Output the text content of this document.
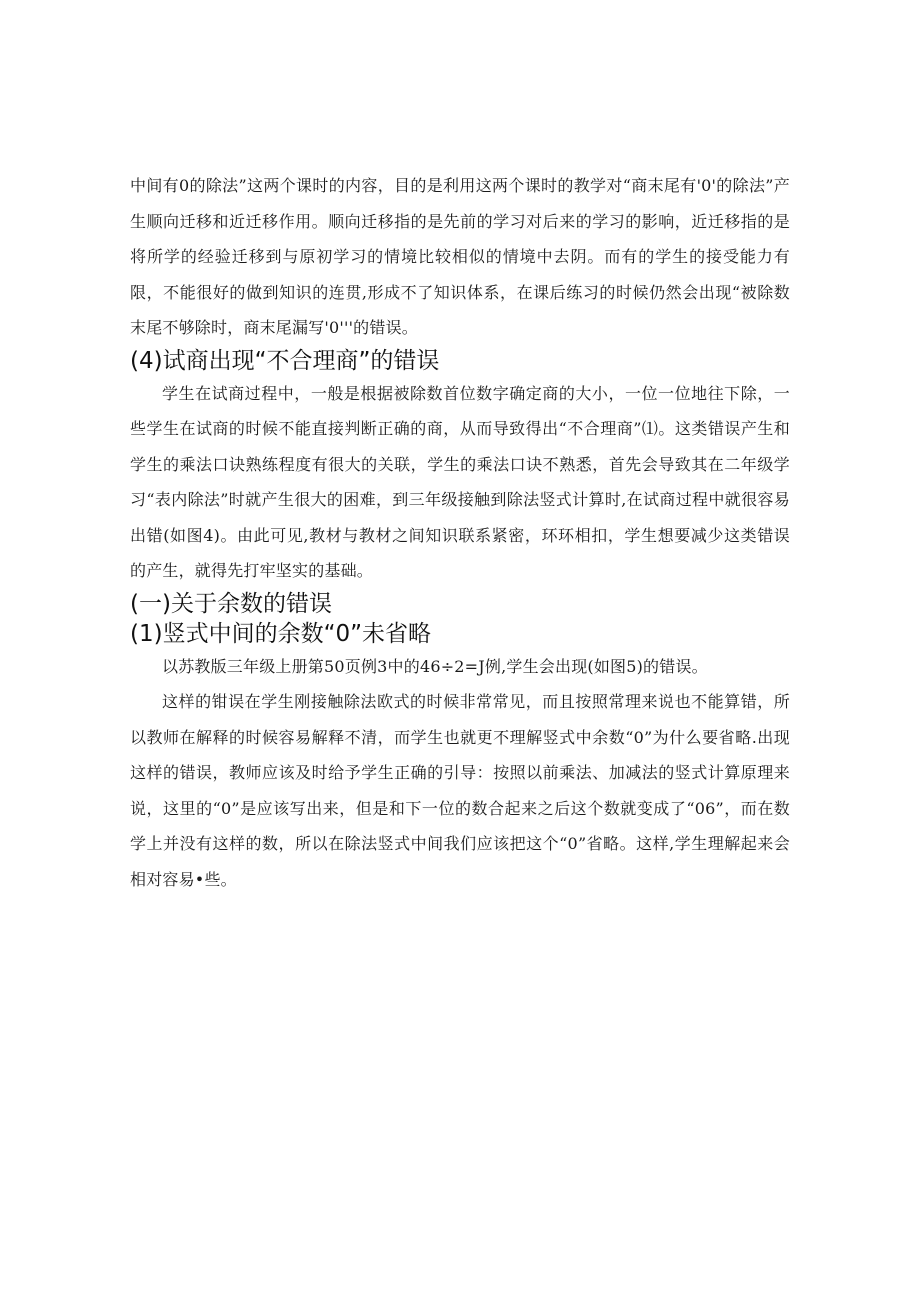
中间有0的除法”这两个课时的内容，目的是利用这两个课时的教学对“商末尾有'0'的除法”产生顺向迁移和近迁移作用。顺向迁移指的是先前的学习对后来的学习的影响，近迁移指的是将所学的经验迁移到与原初学习的情境比较相似的情境中去阴。而有的学生的接受能力有限，不能很好的做到知识的连贯,形成不了知识体系，在课后练习的时候仍然会出现“被除数末尾不够除时，商末尾漏写'0'''的错误。

(4)试商出现“不合理商”的错误

学生在试商过程中，一般是根据被除数首位数字确定商的大小，一位一位地往下除，一些学生在试商的时候不能直接判断正确的商，从而导致得出“不合理商”⑴。这类错误产生和学生的乘法口诀熟练程度有很大的关联，学生的乘法口诀不熟悉，首先会导致其在二年级学习“表内除法”时就产生很大的困难，到三年级接触到除法竖式计算时,在试商过程中就很容易出错(如图4)。由此可见,教材与教材之间知识联系紧密，环环相扣，学生想要减少这类错误的产生，就得先打牢坚实的基础。

(一)关于余数的错误
(1)竖式中间的余数“0”未省略

以苏教版三年级上册第50页例3中的46÷2=J例,学生会出现(如图5)的错误。

这样的钳误在学生刚接触除法欧式的时候非常常见，而且按照常理来说也不能算错，所以教师在解释的时候容易解释不清，而学生也就更不理解竖式中余数“0”为什么要省略.出现这样的错误，教师应该及时给予学生正确的引导：按照以前乘法、加减法的竖式计算原理来说，这里的“0”是应该写出来，但是和下一位的数合起来之后这个数就变成了“06”，而在数学上并没有这样的数，所以在除法竖式中间我们应该把这个“0”省略。这样,学生理解起来会相对容易•些。
